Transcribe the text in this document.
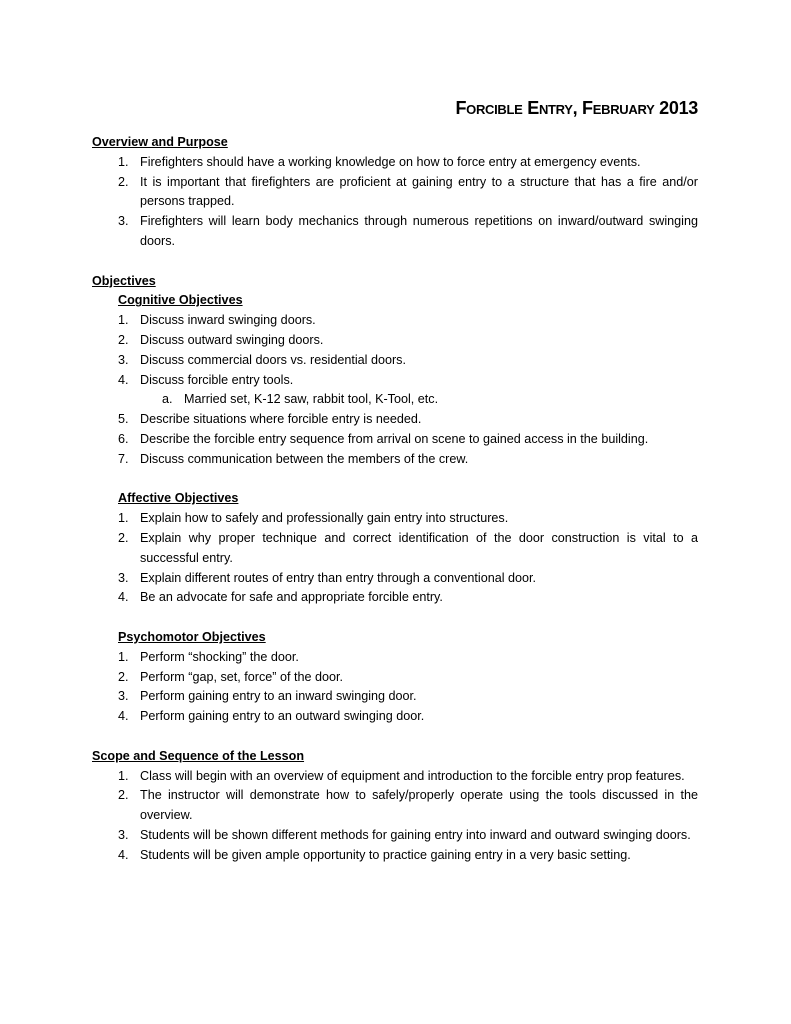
Forcible Entry, February 2013
Overview and Purpose
1. Firefighters should have a working knowledge on how to force entry at emergency events.
2. It is important that firefighters are proficient at gaining entry to a structure that has a fire and/or persons trapped.
3. Firefighters will learn body mechanics through numerous repetitions on inward/outward swinging doors.
Objectives
Cognitive Objectives
1. Discuss inward swinging doors.
2. Discuss outward swinging doors.
3. Discuss commercial doors vs. residential doors.
4. Discuss forcible entry tools.
a. Married set, K-12 saw, rabbit tool, K-Tool, etc.
5. Describe situations where forcible entry is needed.
6. Describe the forcible entry sequence from arrival on scene to gained access in the building.
7. Discuss communication between the members of the crew.
Affective Objectives
1. Explain how to safely and professionally gain entry into structures.
2. Explain why proper technique and correct identification of the door construction is vital to a successful entry.
3. Explain different routes of entry than entry through a conventional door.
4. Be an advocate for safe and appropriate forcible entry.
Psychomotor Objectives
1. Perform “shocking” the door.
2. Perform “gap, set, force” of the door.
3. Perform gaining entry to an inward swinging door.
4. Perform gaining entry to an outward swinging door.
Scope and Sequence of the Lesson
1. Class will begin with an overview of equipment and introduction to the forcible entry prop features.
2. The instructor will demonstrate how to safely/properly operate using the tools discussed in the overview.
3. Students will be shown different methods for gaining entry into inward and outward swinging doors.
4. Students will be given ample opportunity to practice gaining entry in a very basic setting.
